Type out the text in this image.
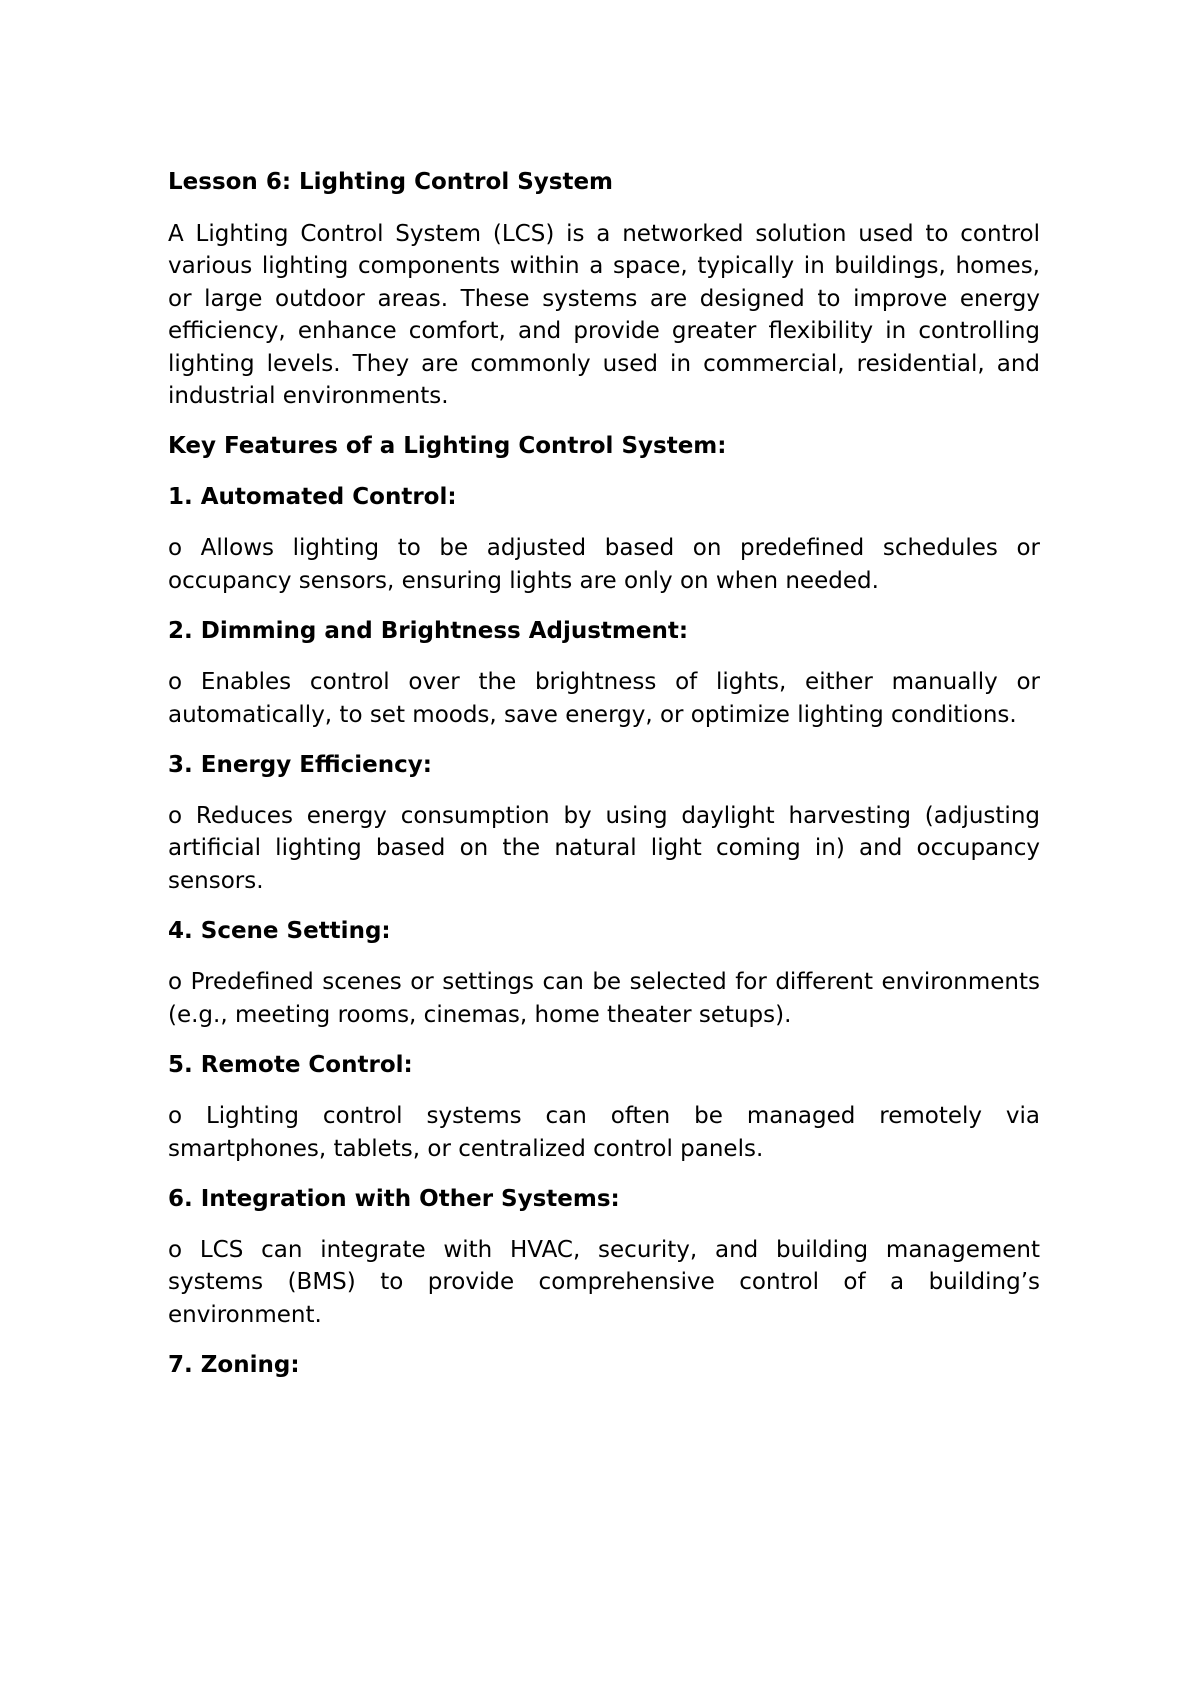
Lesson 6: Lighting Control System

A Lighting Control System (LCS) is a networked solution used to control various lighting components within a space, typically in buildings, homes, or large outdoor areas. These systems are designed to improve energy efficiency, enhance comfort, and provide greater flexibility in controlling lighting levels. They are commonly used in commercial, residential, and industrial environments.

Key Features of a Lighting Control System:
1. Automated Control:

o Allows lighting to be adjusted based on predefined schedules or occupancy sensors, ensuring lights are only on when needed.

2. Dimming and Brightness Adjustment:

o Enables control over the brightness of lights, either manually or automatically, to set moods, save energy, or optimize lighting conditions.

3. Energy Efficiency:

o Reduces energy consumption by using daylight harvesting (adjusting artificial lighting based on the natural light coming in) and occupancy sensors.

4. Scene Setting:

o Predefined scenes or settings can be selected for different environments (e.g., meeting rooms, cinemas, home theater setups).

5. Remote Control:

o Lighting control systems can often be managed remotely via smartphones, tablets, or centralized control panels.

6. Integration with Other Systems:

o LCS can integrate with HVAC, security, and building management systems (BMS) to provide comprehensive control of a building’s environment.

7. Zoning:
